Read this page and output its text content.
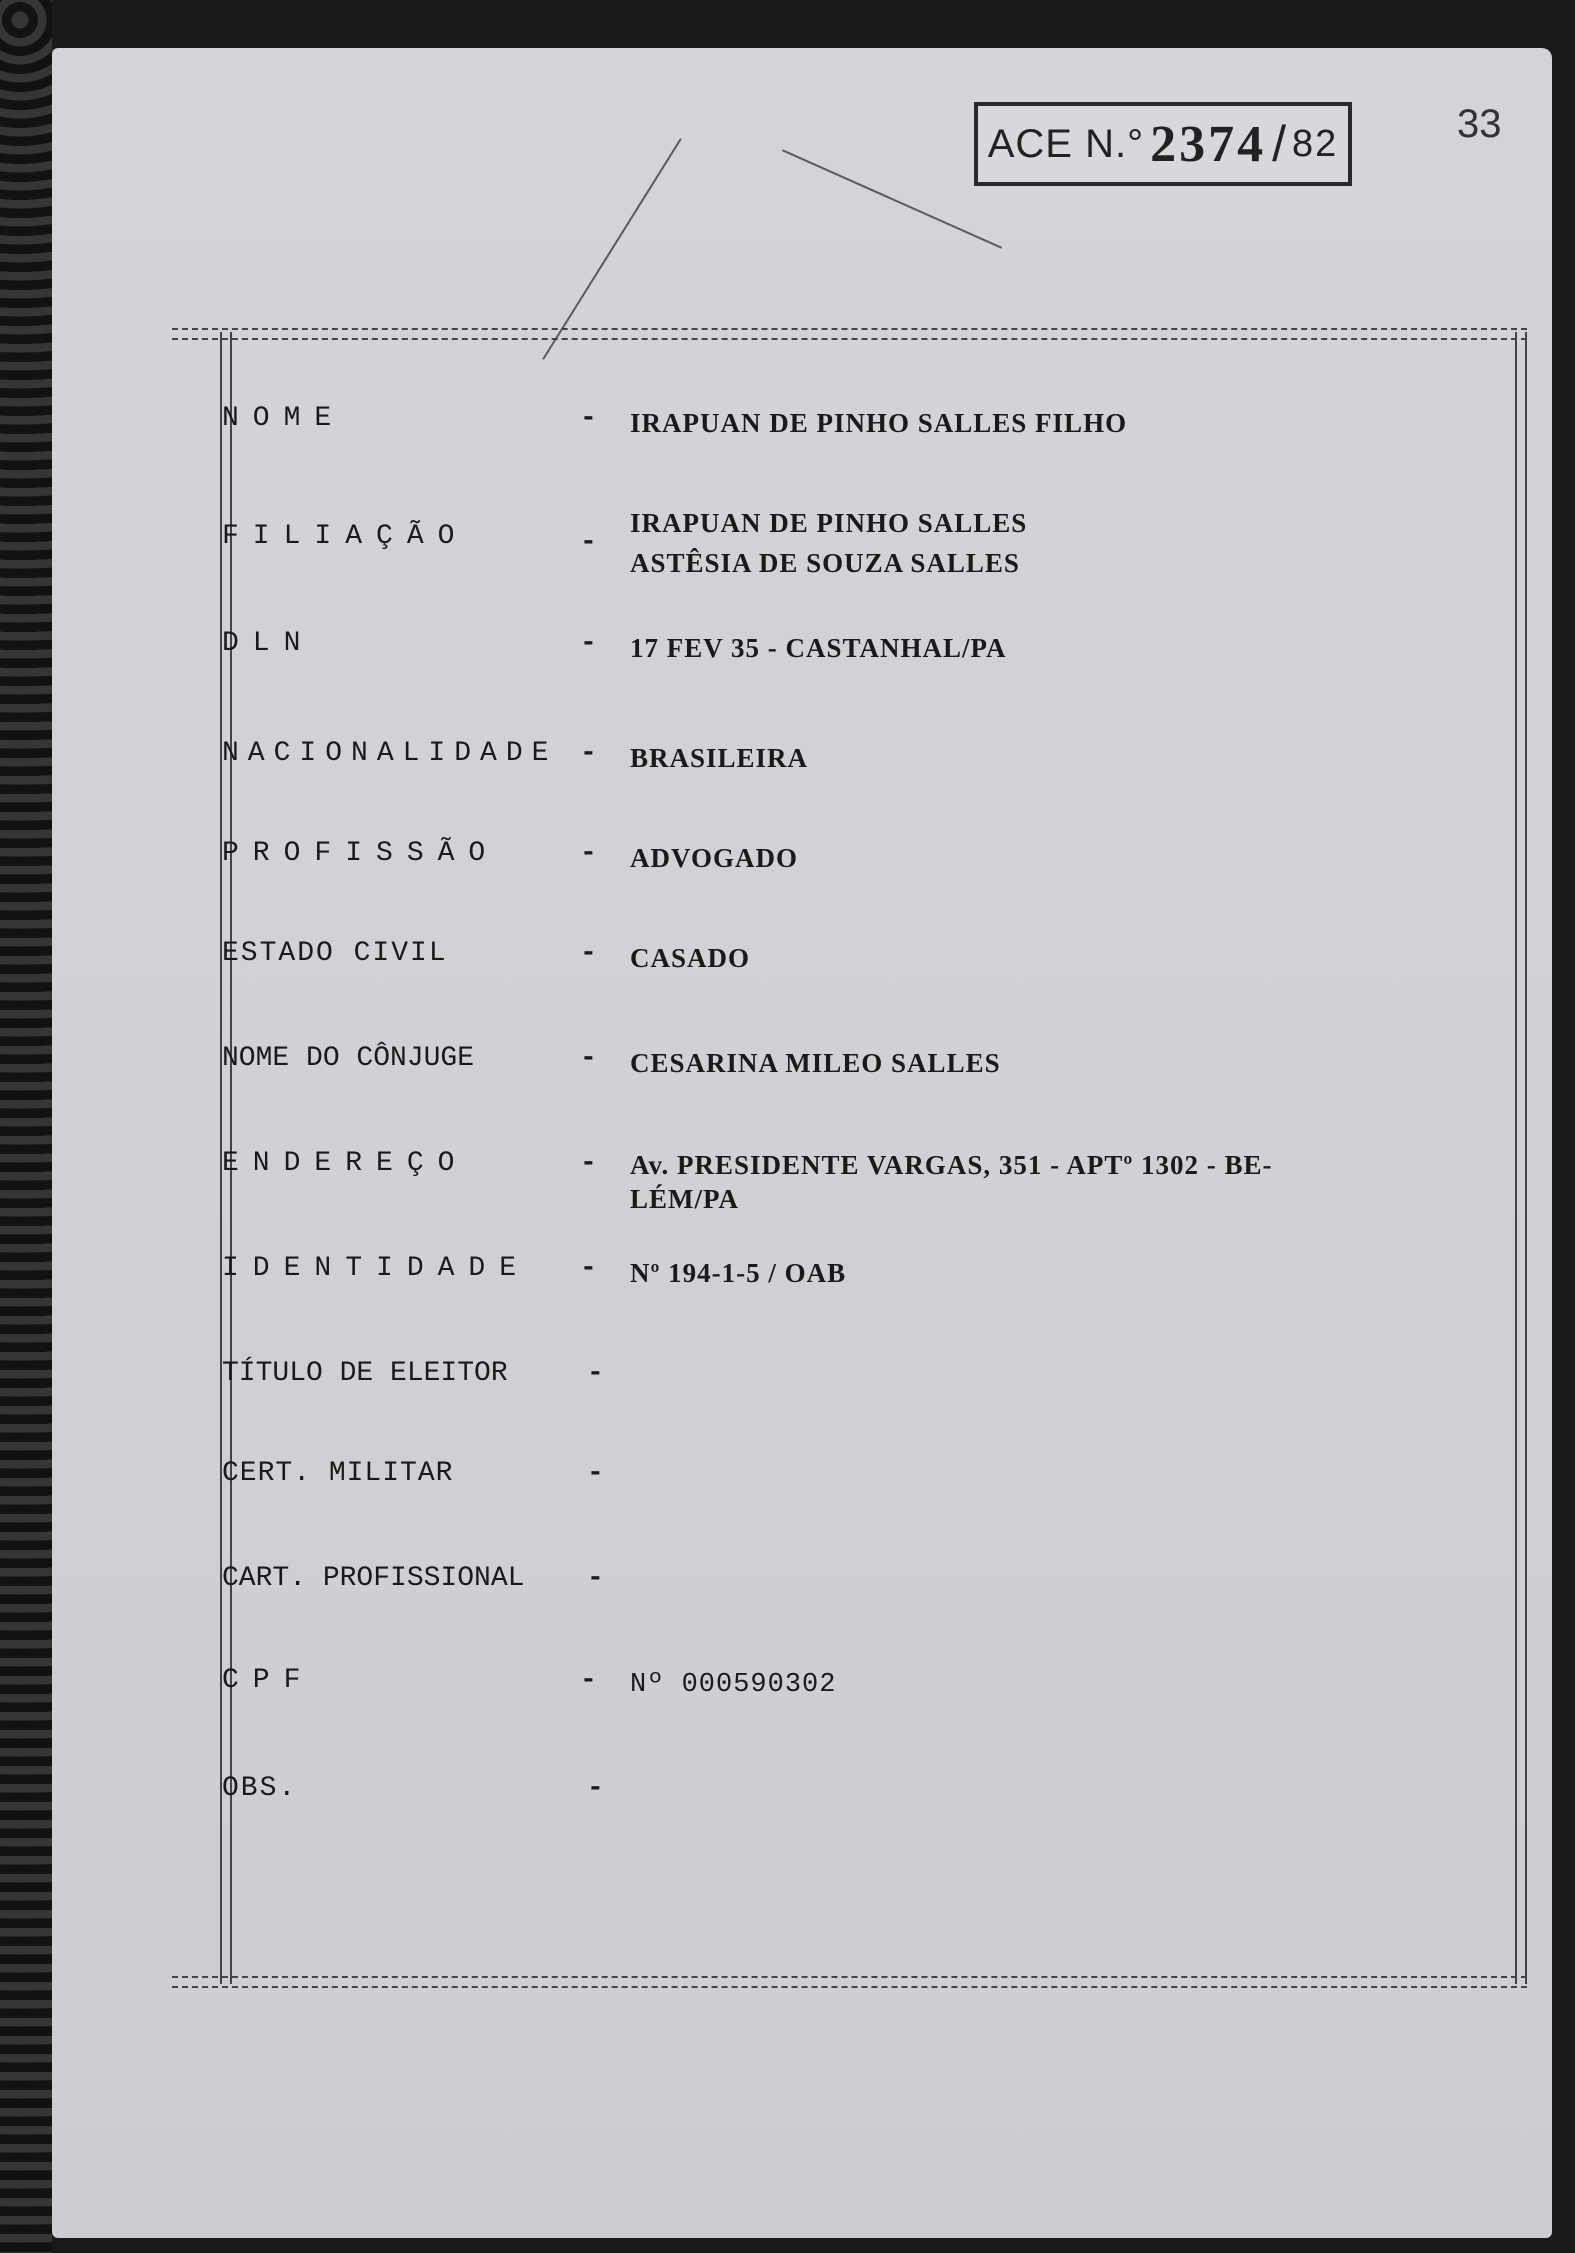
ACE N.° 2374 / 82	33
NOME	- IRAPUAN DE PINHO SALLES FILHO
FILIAÇÃO	-
IRAPUAN DE PINHO SALLES
ASTÊSIA DE SOUZA SALLES
DLN	- 17 FEV 35 - CASTANHAL/PA
NACIONALIDADE - BRASILEIRA
PROFISSÃO	- ADVOGADO
ESTADO CIVIL	- CASADO
NOME DO CÔNJUGE	- CESARINA MILEO SALLES
ENDEREÇO	- Av. PRESIDENTE VARGAS, 351 - APTº 1302 - BE-
LÉM/PA
IDENTIDADE - Nº 194-1-5 / OAB
TÍTULO DE ELEITOR	-
CERT. MILITAR	-
CART. PROFISSIONAL -
CPF	- Nº 000590302
OBS.	-
